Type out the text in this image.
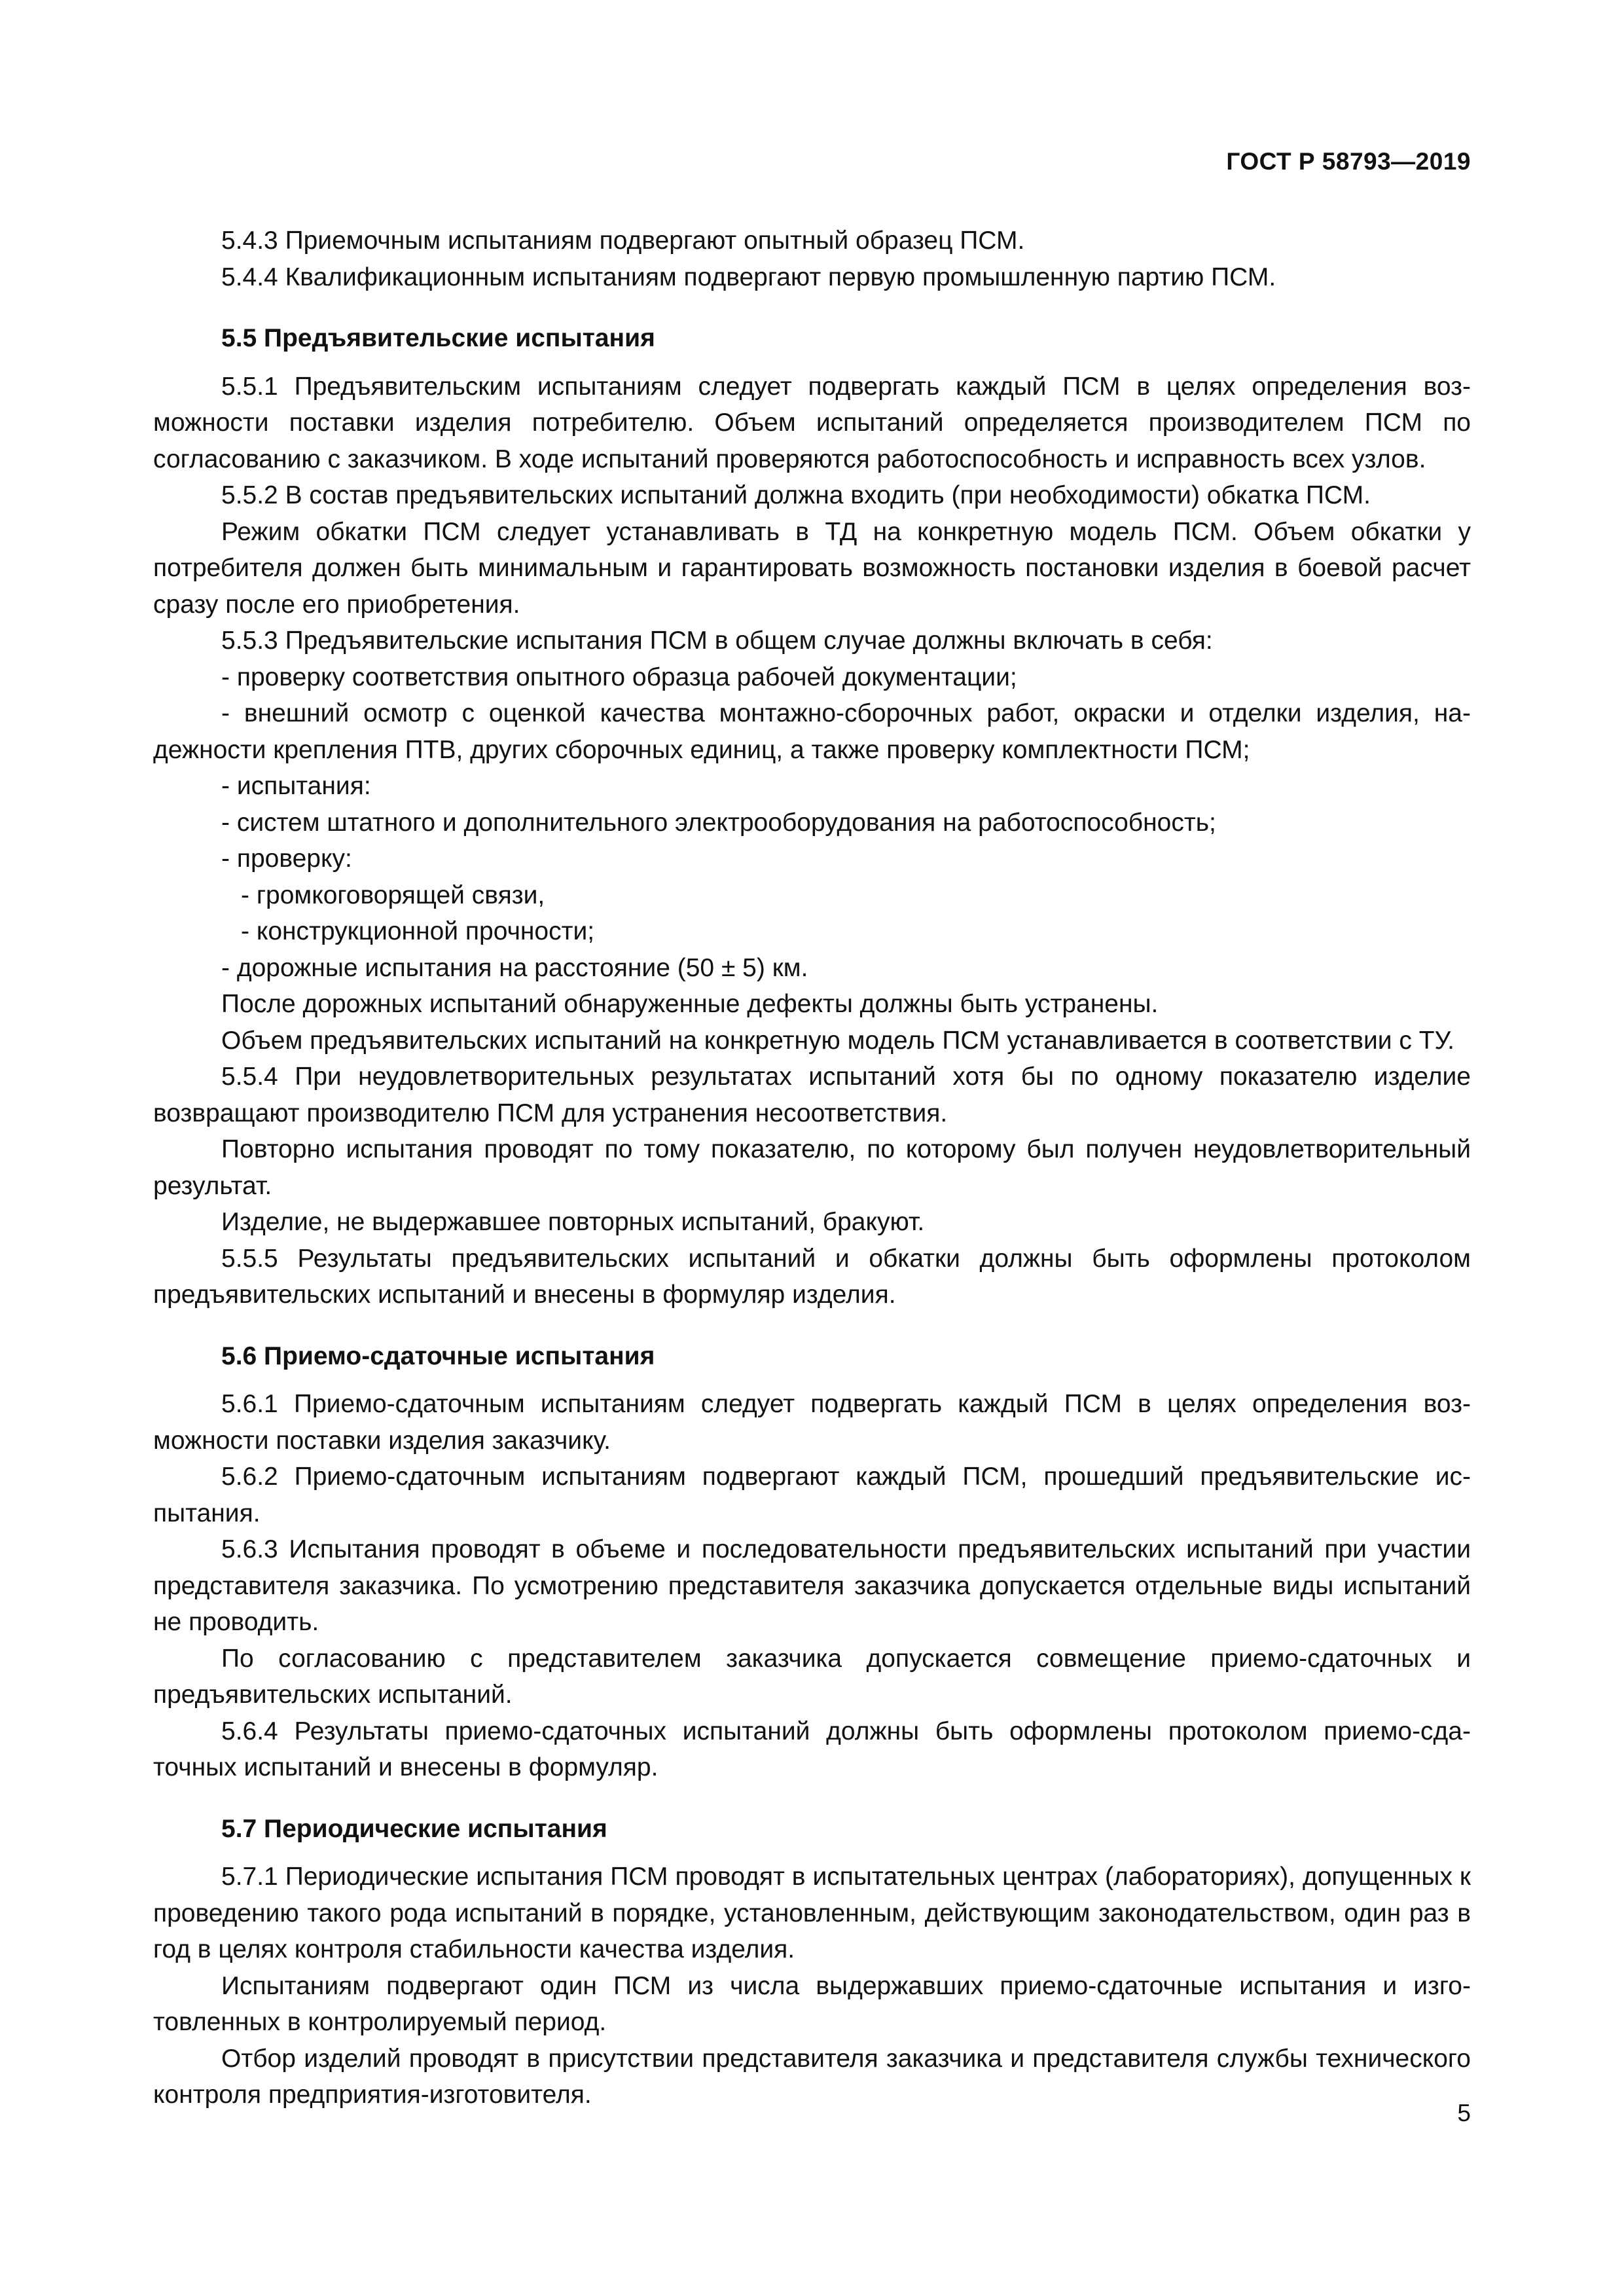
ГОСТ Р 58793—2019

5.4.3 Приемочным испытаниям подвергают опытный образец ПСМ.

5.4.4 Квалификационным испытаниям подвергают первую промышленную партию ПСМ.

5.5 Предъявительские испытания

5.5.1 Предъявительским испытаниям следует подвергать каждый ПСМ в целях определения возможности поставки изделия потребителю. Объем испытаний определяется производителем ПСМ по согласованию с заказчиком. В ходе испытаний проверяются работоспособность и исправность всех узлов.

5.5.2 В состав предъявительских испытаний должна входить (при необходимости) обкатка ПСМ.

Режим обкатки ПСМ следует устанавливать в ТД на конкретную модель ПСМ. Объем обкатки у потребителя должен быть минимальным и гарантировать возможность постановки изделия в боевой расчет сразу после его приобретения.

5.5.3 Предъявительские испытания ПСМ в общем случае должны включать в себя:

- проверку соответствия опытного образца рабочей документации;

- внешний осмотр с оценкой качества монтажно-сборочных работ, окраски и отделки изделия, надежности крепления ПТВ, других сборочных единиц, а также проверку комплектности ПСМ;

- испытания:

- систем штатного и дополнительного электрооборудования на работоспособность;

- проверку:

- громкоговорящей связи,

- конструкционной прочности;

- дорожные испытания на расстояние (50 ± 5) км.

После дорожных испытаний обнаруженные дефекты должны быть устранены.

Объем предъявительских испытаний на конкретную модель ПСМ устанавливается в соответствии с ТУ.

5.5.4 При неудовлетворительных результатах испытаний хотя бы по одному показателю изделие возвращают производителю ПСМ для устранения несоответствия.

Повторно испытания проводят по тому показателю, по которому был получен неудовлетворительный результат.

Изделие, не выдержавшее повторных испытаний, бракуют.

5.5.5 Результаты предъявительских испытаний и обкатки должны быть оформлены протоколом предъявительских испытаний и внесены в формуляр изделия.

5.6 Приемо-сдаточные испытания

5.6.1 Приемо-сдаточным испытаниям следует подвергать каждый ПСМ в целях определения возможности поставки изделия заказчику.

5.6.2 Приемо-сдаточным испытаниям подвергают каждый ПСМ, прошедший предъявительские испытания.

5.6.3 Испытания проводят в объеме и последовательности предъявительских испытаний при участии представителя заказчика. По усмотрению представителя заказчика допускается отдельные виды испытаний не проводить.

По согласованию с представителем заказчика допускается совмещение приемо-сдаточных и предъявительских испытаний.

5.6.4 Результаты приемо-сдаточных испытаний должны быть оформлены протоколом приемо-сдаточных испытаний и внесены в формуляр.

5.7 Периодические испытания

5.7.1 Периодические испытания ПСМ проводят в испытательных центрах (лабораториях), допущенных к проведению такого рода испытаний в порядке, установленным, действующим законодательством, один раз в год в целях контроля стабильности качества изделия.

Испытаниям подвергают один ПСМ из числа выдержавших приемо-сдаточные испытания и изготовленных в контролируемый период.

Отбор изделий проводят в присутствии представителя заказчика и представителя службы технического контроля предприятия-изготовителя.

5
